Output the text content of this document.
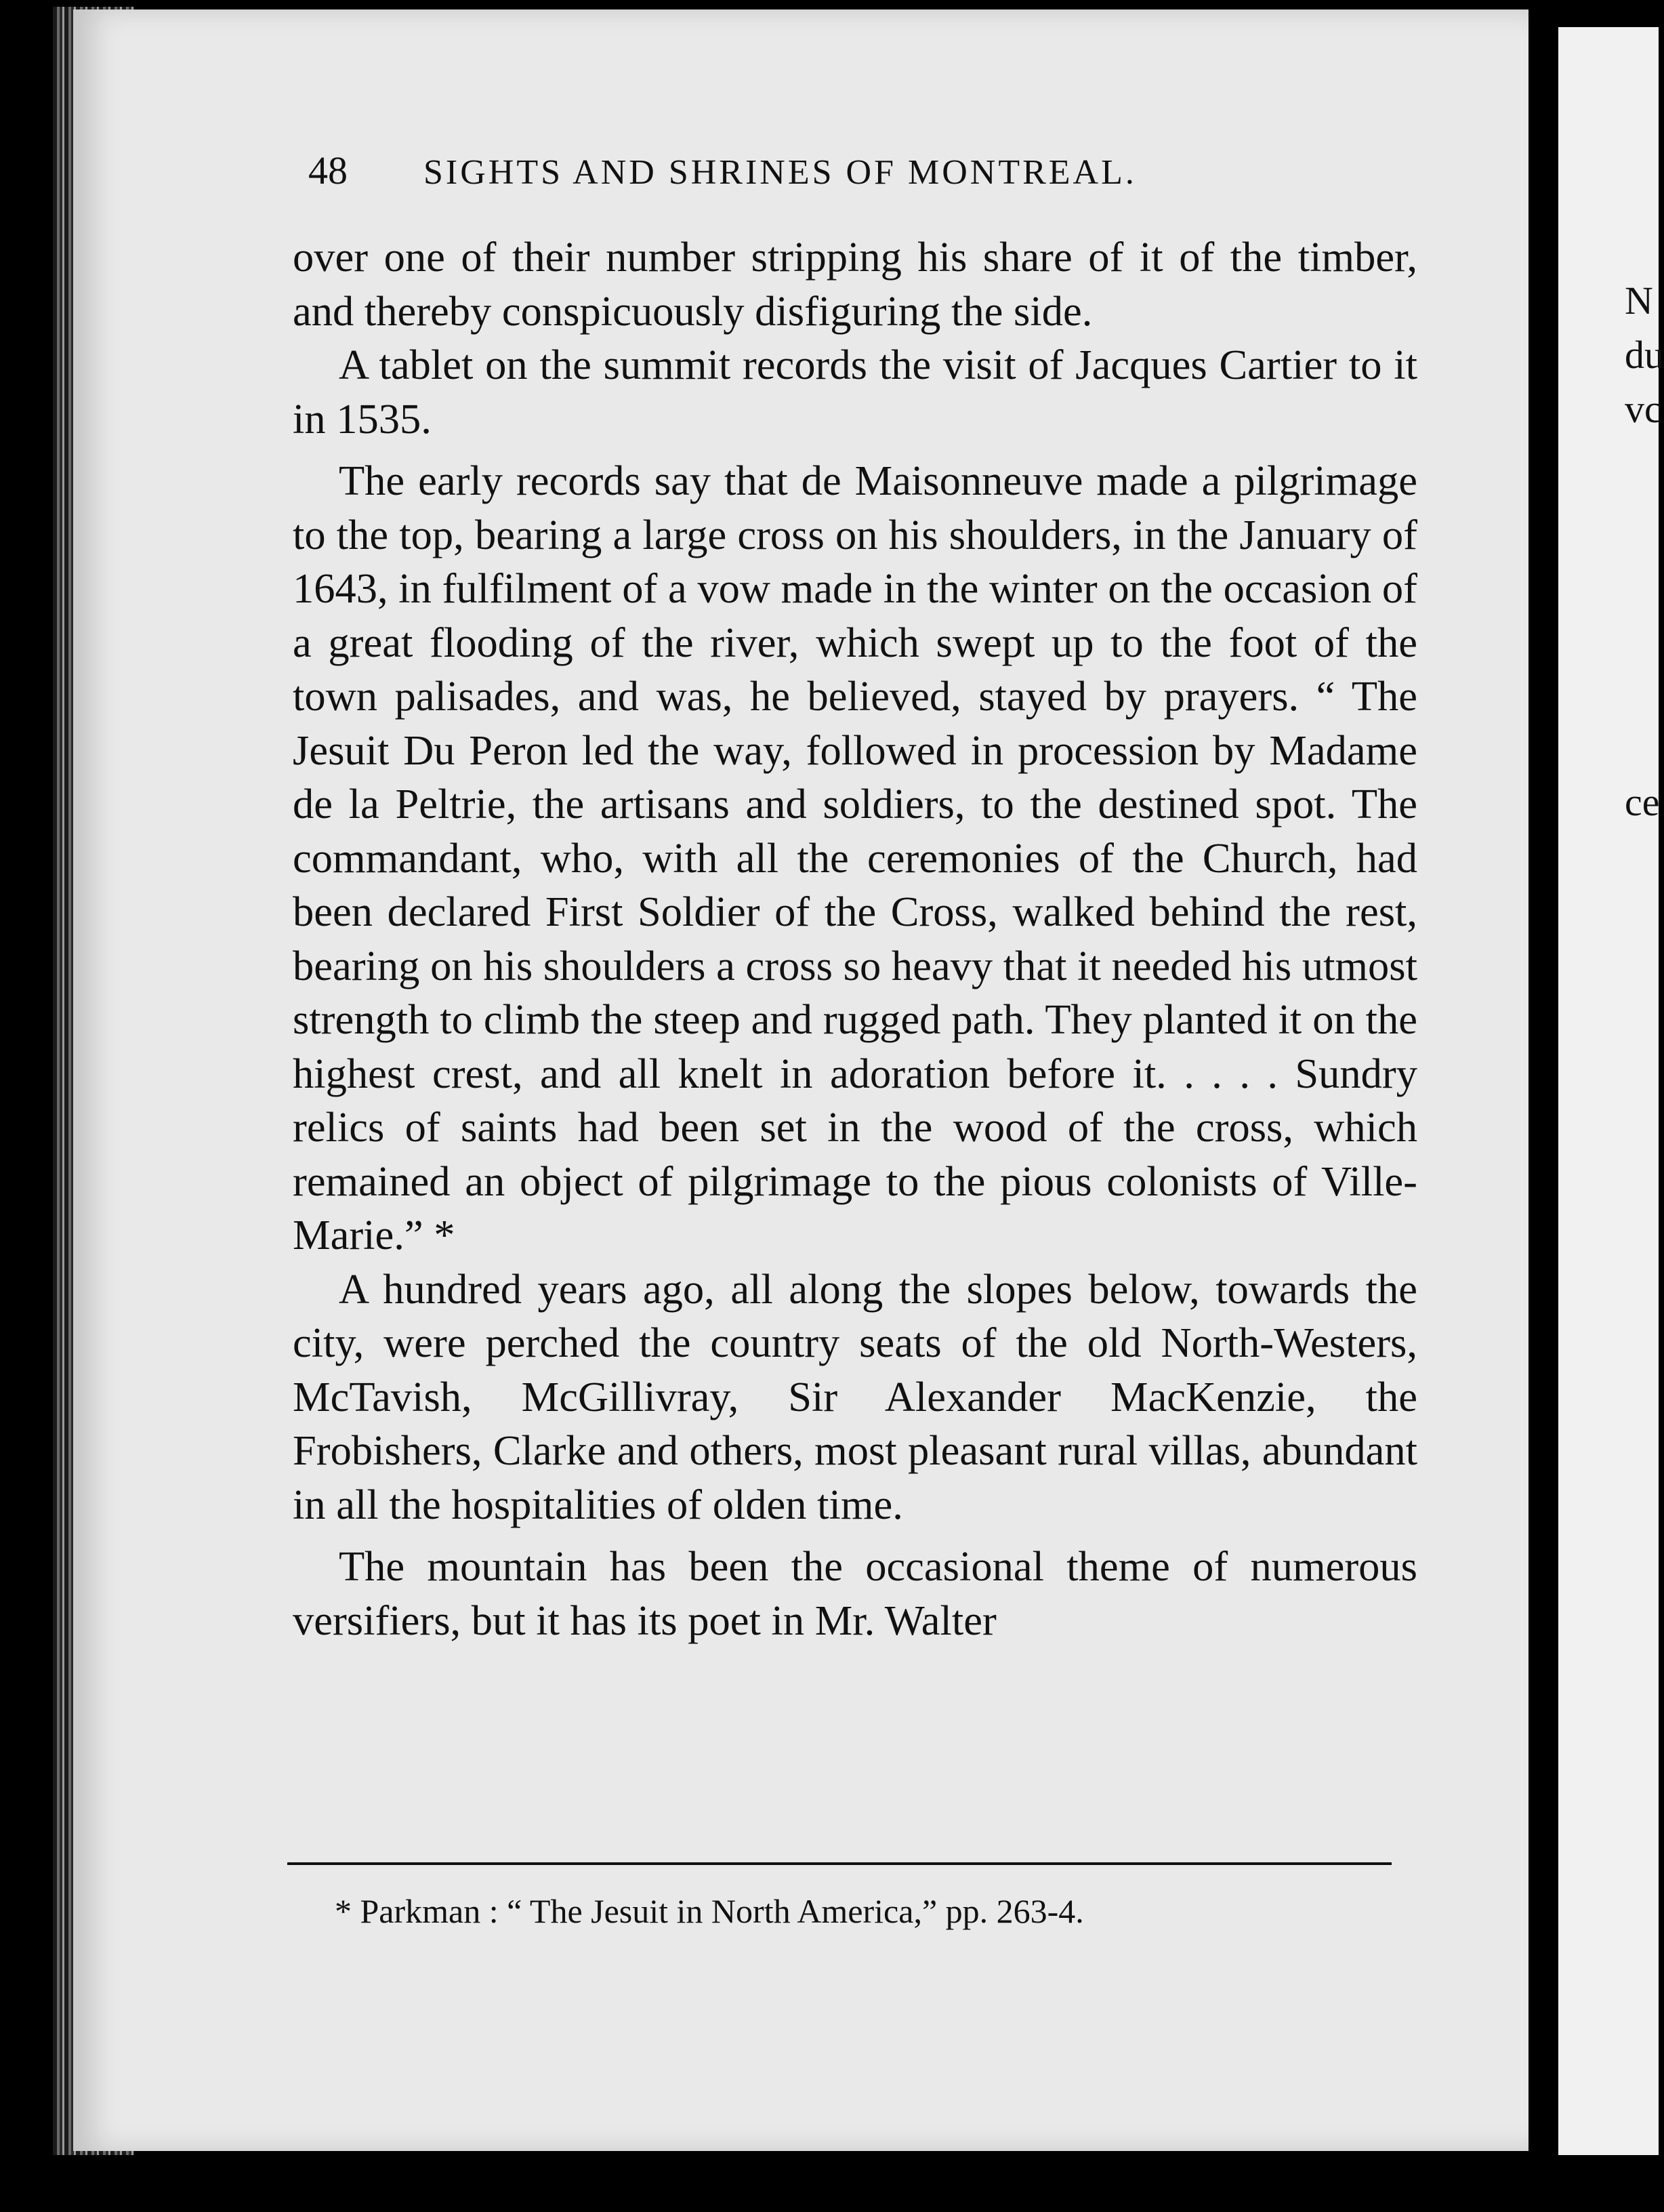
N
du
vc
ce
48	SIGHTS AND SHRINES OF MONTREAL.

over one of their number stripping his share of it of the timber, and thereby conspicuously disfiguring the side.

A tablet on the summit records the visit of Jacques Cartier to it in 1535.

The early records say that de Maisonneuve made a pilgrimage to the top, bearing a large cross on his shoulders, in the January of 1643, in fulfilment of a vow made in the winter on the occasion of a great flooding of the river, which swept up to the foot of the town palisades, and was, he believed, stayed by prayers. “ The Jesuit Du Peron led the way, followed in procession by Madame de la Peltrie, the artisans and soldiers, to the destined spot. The commandant, who, with all the ceremonies of the Church, had been declared First Soldier of the Cross, walked behind the rest, bearing on his shoulders a cross so heavy that it needed his utmost strength to climb the steep and rugged path. They planted it on the highest crest, and all knelt in adoration before it. . . . . Sundry relics of saints had been set in the wood of the cross, which remained an object of pilgrimage to the pious colonists of Ville-Marie.” *

A hundred years ago, all along the slopes below, towards the city, were perched the country seats of the old North-Westers, McTavish, McGillivray, Sir Alexander MacKenzie, the Frobishers, Clarke and others, most pleasant rural villas, abundant in all the hospitalities of olden time.

The mountain has been the occasional theme of numerous versifiers, but it has its poet in Mr. Walter

* Parkman : “ The Jesuit in North America,” pp. 263-4.
